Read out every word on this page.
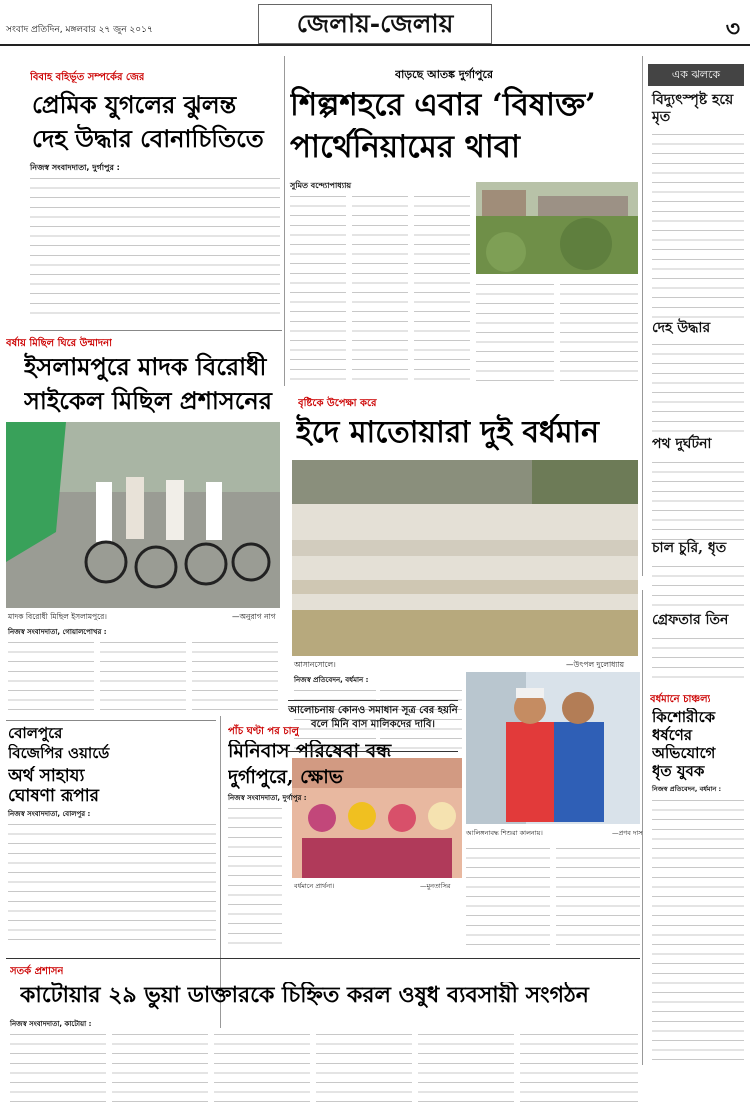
সংবাদ প্রতিদিন, মঙ্গলবার ২৭ জুন ২০১৭	জেলায়-জেলায়	৩
বিবাহ বহির্ভূত সম্পর্কের জের
প্রেমিক যুগলের ঝুলন্ত
দেহ উদ্ধার বোনাচিতিতে
নিজস্ব সংবাদদাতা, দুর্গাপুর :
বাড়ছে আতঙ্ক দুর্গাপুরে
শিল্পশহরে এবার ‘বিষাক্ত’
পার্থেনিয়ামের থাবা
সুমিত বন্দ্যোপাধ্যায়
এক ঝলকে
বিদ্যুৎস্পৃষ্ট হয়ে মৃত
দেহ উদ্ধার
পথ দুর্ঘটনা
চাল চুরি, ধৃত
গ্রেফতার তিন
বর্ষায় মিছিল ঘিরে উন্মাদনা
ইসলামপুরে মাদক বিরোধী
সাইকেল মিছিল প্রশাসনের
মাদক বিরোধী মিছিল ইসলামপুরে।	—অনুরাগ নাগ
নিজস্ব সংবাদদাতা, গোয়ালপোখর :
বৃষ্টিকে উপেক্ষা করে
ইদে মাতোয়ারা দুই বর্ধমান
আসানসোলে।	—উৎপল দুলোধ্যায়
নিজস্ব প্রতিবেদন, বর্ধমান :
আলিঙ্গনাবদ্ধ শিশুরা কালনায়।	—প্রণব দাস
বর্ধমানে প্রার্থনা।	—মুনতাসির
বোলপুরে
বিজেপির ওয়ার্ডে
অর্থ সাহায্য
ঘোষণা রূপার
নিজস্ব সংবাদদাতা, বোলপুর :
পাঁচ ঘণ্টা পর চালু
মিনিবাস পরিষেবা বন্ধ
দুর্গাপুরে, ক্ষোভ
নিজস্ব সংবাদদাতা, দুর্গাপুর :
আলোচনায় কোনও সমাধান সূত্র বের হয়নি বলে মিনি বাস মালিকদের দাবি।
বর্ধমানে চাঞ্চল্য
কিশোরীকে
ধর্ষণের
অভিযোগে
ধৃত যুবক
নিজস্ব প্রতিবেদন, বর্ধমান :
সতর্ক প্রশাসন
কাটোয়ার ২৯ ভুয়া ডাক্তারকে চিহ্নিত করল ওষুধ ব্যবসায়ী সংগঠন
নিজস্ব সংবাদদাতা, কাটোয়া :
